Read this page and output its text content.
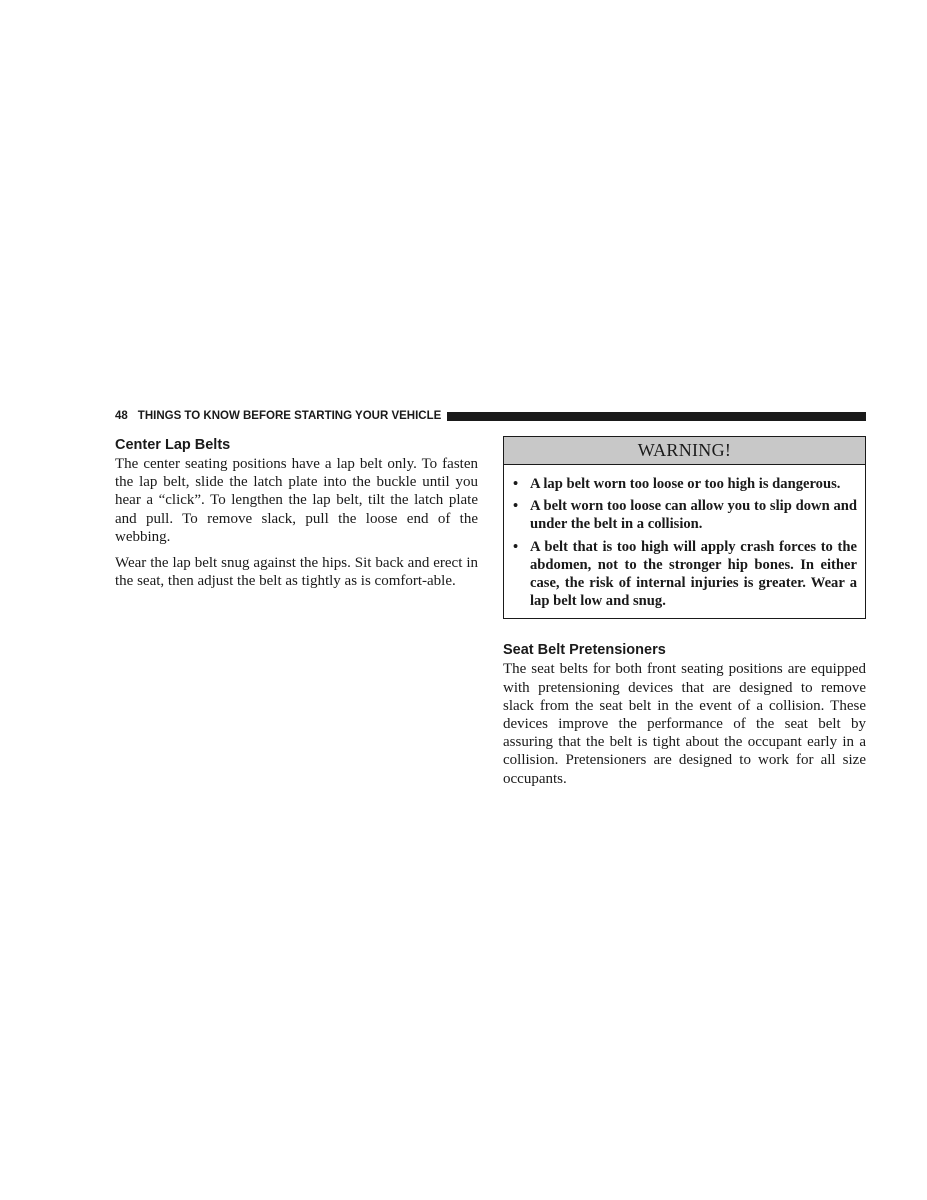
48 THINGS TO KNOW BEFORE STARTING YOUR VEHICLE
Center Lap Belts

The center seating positions have a lap belt only. To fasten the lap belt, slide the latch plate into the buckle until you hear a “click”. To lengthen the lap belt, tilt the latch plate and pull. To remove slack, pull the loose end of the webbing.

Wear the lap belt snug against the hips. Sit back and erect in the seat, then adjust the belt as tightly as is comfort-able.

WARNING!
• A lap belt worn too loose or too high is dangerous.
• A belt worn too loose can allow you to slip down and under the belt in a collision.
• A belt that is too high will apply crash forces to the abdomen, not to the stronger hip bones. In either case, the risk of internal injuries is greater. Wear a lap belt low and snug.
Seat Belt Pretensioners

The seat belts for both front seating positions are equipped with pretensioning devices that are designed to remove slack from the seat belt in the event of a collision. These devices improve the performance of the seat belt by assuring that the belt is tight about the occupant early in a collision. Pretensioners are designed to work for all size occupants.
